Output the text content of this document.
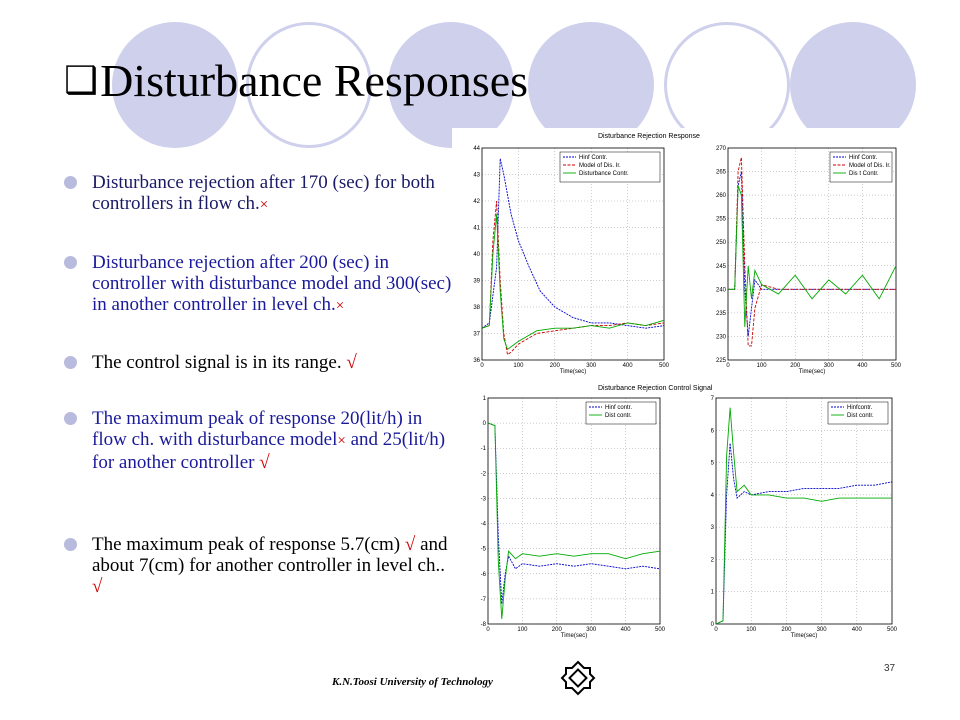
❑ Disturbance Responses
Disturbance rejection after 170 (sec) for both controllers in flow ch.×
Disturbance rejection after 200 (sec) in controller with disturbance model and 300(sec) in another controller in level ch.×
The control signal is in its range. √
The maximum peak of response 20(lit/h) in flow ch. with disturbance model× and 25(lit/h) for another controller √
The maximum peak of response 5.7(cm) √ and about 7(cm) for another controller in level ch.. √
Disturbance Rejection Response
Disturbance Rejection Control Signal
0	100	200	300	400	500
36
37
38
39
40
41
42
43
44
Time(sec)
Hinf Contr.
Model of Dis. Ir.
Disturbance Contr.
0	100	200	300	400	500
225
230
235
240
245
250
255
260
265
270
Time(sec)
Hinf Contr.
Model of Dis. Ir.
Dis t Contr.
0	100	200	300	400	500
-8
-7
-6
-5
-4
-3
-2
-1
0
1
Time(sec)
Hinf contr.
Dist contr.
0	100	200	300	400	500
0
1
2
3
4
5
6
7
Time(sec)
Hinfcontr.
Dist contr.
K.N.Toosi University of Technology
37
